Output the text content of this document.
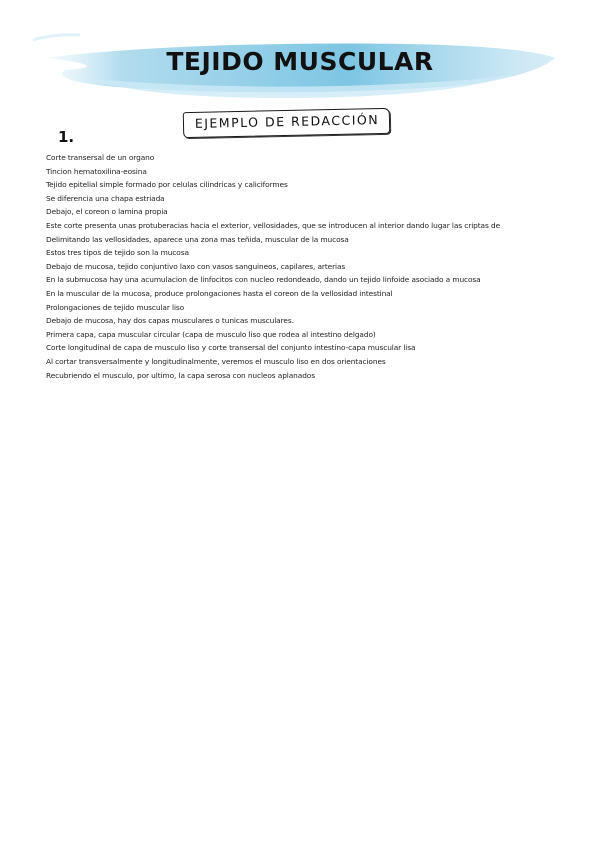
TEJIDO MUSCULAR
EJEMPLO DE REDACCIÓN
1.
Corte transersal de un organo
Tincion hematoxilina-eosina
Tejido epitelial simple formado por celulas cilindricas y caliciformes
Se diferencia una chapa estriada
Debajo, el coreon o lamina propia
Este corte presenta unas protuberacias hacia el exterior, vellosidades, que se introducen al interior dando lugar las criptas de
Delimitando las vellosidades, aparece una zona mas teñida, muscular de la mucosa
Estos tres tipos de tejido son la mucosa
Debajo de mucosa, tejido conjuntivo laxo con vasos sanguineos, capilares, arterias
En la submucosa hay una acumulacion de linfocitos con nucleo redondeado, dando un tejido linfoide asociado a mucosa
En la muscular de la mucosa, produce prolongaciones hasta el coreon de la vellosidad intestinal
Prolongaciones de tejido muscular liso
Debajo de mucosa, hay dos capas musculares o tunicas musculares.
Primera capa, capa muscular circular (capa de musculo liso que rodea al intestino delgado)
Corte longitudinal de capa de musculo liso y corte transersal del conjunto intestino-capa muscular lisa
Al cortar transversalmente y longitudinalmente, veremos el musculo liso en dos orientaciones
Recubriendo el musculo, por ultimo, la capa serosa con nucleos aplanados
